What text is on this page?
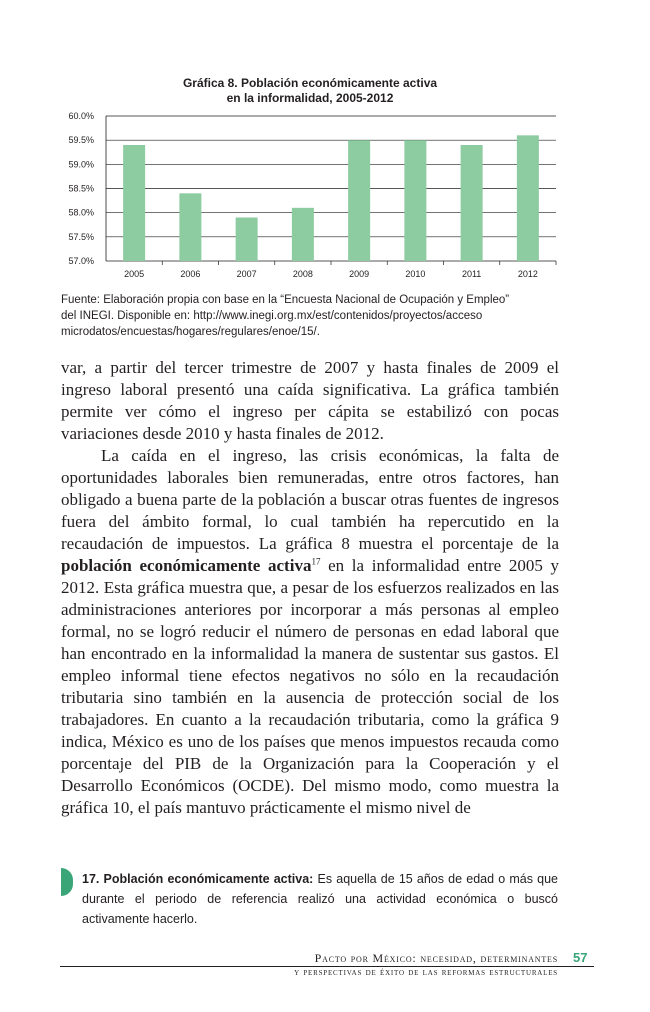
Gráfica 8. Población económicamente activa
en la informalidad, 2005-2012
57.0%
57.5%
58.0%
58.5%
59.0%
59.5%
60.0%
2005	2006	2007	2008	2009	2010	2011	2012

Fuente: Elaboración propia con base en la “Encuesta Nacional de Ocupación y Empleo”

del INEGI. Disponible en: http://www.inegi.org.mx/est/contenidos/proyectos/acceso

microdatos/encuestas/hogares/regulares/enoe/15/.

var, a partir del tercer trimestre de 2007 y hasta finales de 2009 el ingreso laboral presentó una caída significativa. La gráfica también permite ver cómo el ingreso per cápita se estabilizó con pocas variaciones desde 2010 y hasta finales de 2012.

La caída en el ingreso, las crisis económicas, la falta de oportunidades laborales bien remuneradas, entre otros factores, han obligado a buena parte de la población a buscar otras fuentes de ingresos fuera del ámbito formal, lo cual también ha repercutido en la recaudación de impuestos. La gráfica 8 muestra el porcentaje de la población económicamente activa$^{17}$ en la informalidad entre 2005 y 2012. Esta gráfica muestra que, a pesar de los esfuerzos realizados en las administraciones anteriores por incorporar a más personas al empleo formal, no se logró reducir el número de personas en edad laboral que han encontrado en la informalidad la manera de sustentar sus gastos. El empleo informal tiene efectos negativos no sólo en la recaudación tributaria sino también en la ausencia de protección social de los trabajadores. En cuanto a la recaudación tributaria, como la gráfica 9 indica, México es uno de los países que menos impuestos recauda como porcentaje del PIB de la Organización para la Cooperación y el Desarrollo Económicos (OCDE). Del mismo modo, como muestra la gráfica 10, el país mantuvo prácticamente el mismo nivel de

17. Población económicamente activa: Es aquella de 15 años de edad o más que durante el periodo de referencia realizó una actividad económica o buscó activamente hacerlo.

Pacto por México: necesidad, determinantes 57
y perspectivas de éxito de las reformas estructurales
